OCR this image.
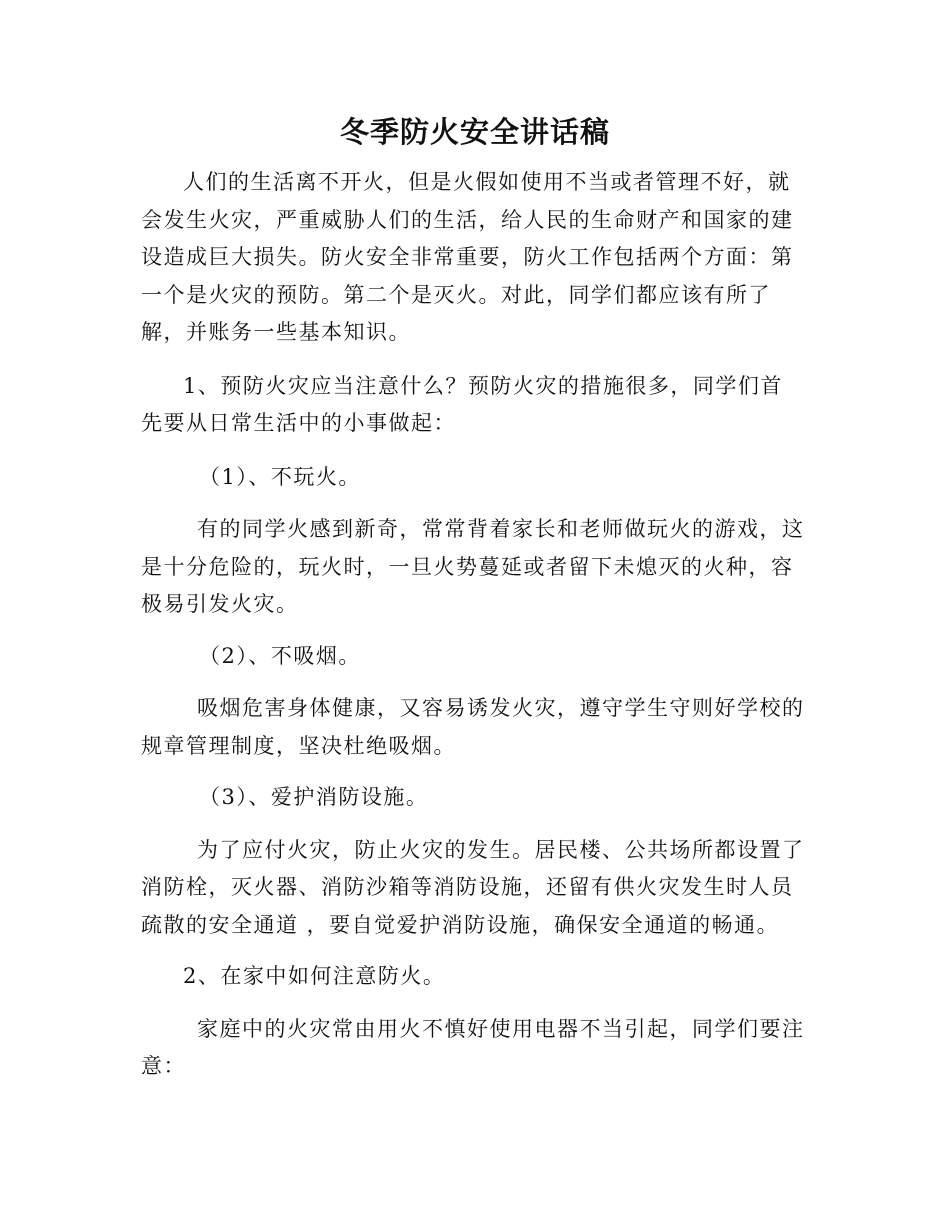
冬季防火安全讲话稿

人们的生活离不开火，但是火假如使用不当或者管理不好，就会发生火灾，严重威胁人们的生活，给人民的生命财产和国家的建设造成巨大损失。防火安全非常重要，防火工作包括两个方面：第一个是火灾的预防。第二个是灭火。对此，同学们都应该有所了解，并账务一些基本知识。

1、预防火灾应当注意什么？预防火灾的措施很多，同学们首先要从日常生活中的小事做起：

（1）、不玩火。

有的同学火感到新奇，常常背着家长和老师做玩火的游戏，这是十分危险的，玩火时，一旦火势蔓延或者留下未熄灭的火种，容极易引发火灾。

（2）、不吸烟。

吸烟危害身体健康，又容易诱发火灾，遵守学生守则好学校的规章管理制度，坚决杜绝吸烟。

（3）、爱护消防设施。

为了应付火灾，防止火灾的发生。居民楼、公共场所都设置了消防栓，灭火器、消防沙箱等消防设施，还留有供火灾发生时人员疏散的安全通道 ，要自觉爱护消防设施，确保安全通道的畅通。

2、在家中如何注意防火。

家庭中的火灾常由用火不慎好使用电器不当引起，同学们要注意：
